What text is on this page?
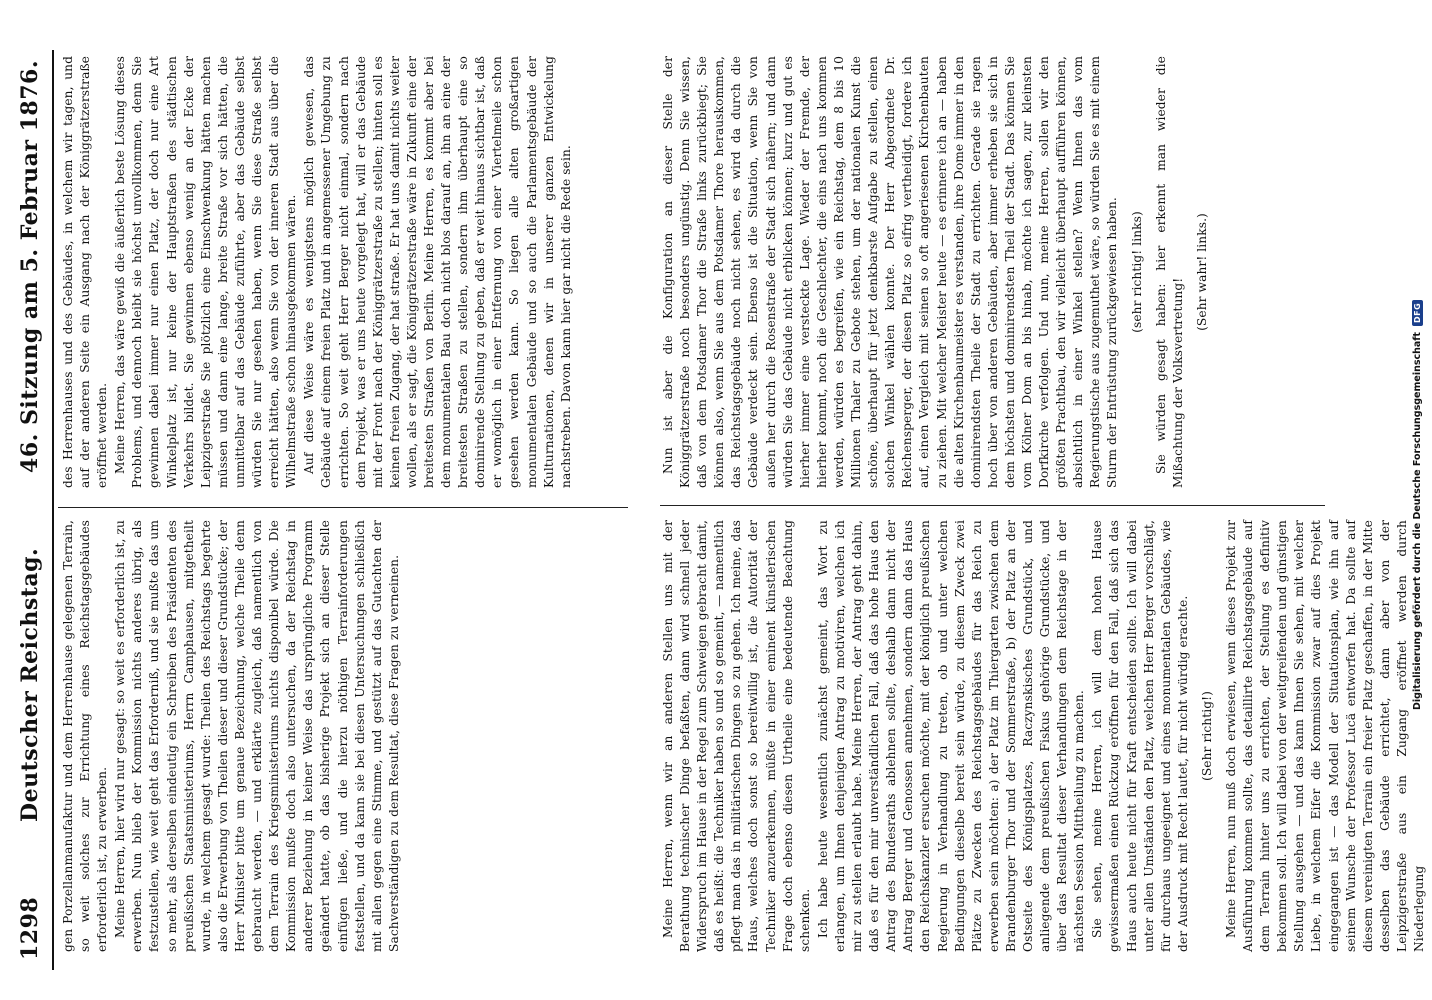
1298
Deutscher Reichstag.
46. Sitzung am 5. Februar 1876.

gen Porzellanmanufaktur und dem Herrenhause gelegenen Terrain, so weit solches zur Errichtung eines Reichstagsgebäudes erforderlich ist, zu erwerben. Meine Herren, hier wird nur gesagt: so weit es erforderlich ist, zu erwerben. Nun blieb der Kommission nichts anderes übrig, als festzustellen, wie weit geht das Erforderniß, und sie mußte das um so mehr, als derselben eindeutig ein Schreiben des Präsidenten des preußischen Staatsministeriums, Herrn Camphausen, mitgetheilt wurde, in welchem gesagt wurde: Theilen des Reichstags begehrte also die Erwerbung von Theilen dieser und dieser Grundstücke; der Herr Minister bitte um genaue Bezeichnung, welche Theile denn gebraucht werden, — und erklärte zugleich, daß namentlich von dem Terrain des Kriegsministeriums nichts disponibel würde. Die Kommission mußte doch also untersuchen, da der Reichstag in anderer Beziehung in keiner Weise das ursprüngliche Programm geändert hatte, ob das bisherige Projekt sich an dieser Stelle einfügen ließe, und die hierzu nöthigen Terrainforderungen feststellen, und da kann sie bei diesen Untersuchungen schließlich mit allen gegen eine Stimme, und gestützt auf das Gutachten der Sachverständigen zu dem Resultat, diese Fragen zu verneinen.	Meine Herren, wenn wir an anderen Stellen uns mit der Berathung technischer Dinge befaßten, dann wird schnell jeder Widerspruch im Hause in der Regel zum Schweigen gebracht damit, daß es heißt: die Techniker haben so und so gemeint, — namentlich pflegt man das in militärischen Dingen so zu gehen. Ich meine, das Haus, welches doch sonst so bereitwillig ist, die Autorität der Techniker anzuerkennen, müßte in einer eminent künstlerischen Frage doch ebenso diesen Urtheile eine bedeutende Beachtung schenken. Ich habe heute wesentlich zunächst gemeint, das Wort zu erlangen, um Ihnen denjenigen Antrag zu motiviren, welchen ich mir zu stellen erlaubt habe. Meine Herren, der Antrag geht dahin, daß es für den mir unverständlichen Fall, daß das hohe Haus den Antrag des Bundesraths ablehnen sollte, deshalb dann nicht der Antrag Berger und Genossen annehmen, sondern dann das Haus den Reichskanzler ersuchen möchte, mit der königlich preußischen Regierung in Verhandlung zu treten, ob und unter welchen Bedingungen dieselbe bereit sein würde, zu diesem Zweck zwei Plätze zu Zwecken des Reichstagsgebäudes für das Reich zu erwerben sein möchten: a) der Platz im Thiergarten zwischen dem Brandenburger Thor und der Sommerstraße, b) der Platz an der Ostseite des Königsplatzes, Raczynskisches Grundstück, und anliegende dem preußischen Fiskus gehörige Grundstücke, und über das Resultat dieser Verhandlungen dem Reichstage in der nächsten Session Mittheilung zu machen. Sie sehen, meine Herren, ich will dem hohen Hause gewissermaßen einen Rückzug eröffnen für den Fall, daß sich das Haus auch heute nicht für Kraft entscheiden sollte. Ich will dabei unter allen Umständen den Platz, welchen Herr Berger vorschlägt, für durchaus ungeeignet und eines monumentalen Gebäudes, wie der Ausdruck mit Recht lautet, für nicht würdig erachte. (Sehr richtig!) Meine Herren, nun muß doch erwiesen, wenn dieses Projekt zur Ausführung kommen sollte, das detaillirte Reichstagsgebäude auf dem Terrain hinter uns zu errichten, der Stellung es definitiv bekommen soll. Ich will dabei von der weitgreifenden und günstigen Stellung ausgehen — und das kann Ihnen Sie sehen, mit welcher Liebe, in welchem Eifer die Kommission zwar auf dies Projekt eingegangen ist — das Modell der Situationsplan, wie ihn auf seinem Wunsche der Professor Lucä entworfen hat. Da sollte auf diesem vereinigten Terrain ein freier Platz geschaffen, in der Mitte desselben das Gebäude errichtet, dann aber von der Leipzigerstraße aus ein Zugang eröffnet werden durch Niederlegung

des Herrenhauses und des Gebäudes, in welchem wir tagen, und auf der anderen Seite ein Ausgang nach der Königgrätzerstraße eröffnet werden. Meine Herren, das wäre gewiß die äußerlich beste Lösung dieses Problems, und dennoch bleibt sie höchst unvollkommen, denn Sie gewinnen dabei immer nur einen Platz, der doch nur eine Art Winkelplatz ist, nur keine der Hauptstraßen des städtischen Verkehrs bildet. Sie gewinnen ebenso wenig an der Ecke der Leipzigerstraße Sie plötzlich eine Einschwenkung hätten machen müssen und dann eine lange, breite Straße vor sich hätten, die unmittelbar auf das Gebäude zuführte, aber das Gebäude selbst würden Sie nur gesehen haben, wenn Sie diese Straße selbst erreicht hätten, also wenn Sie von der inneren Stadt aus über die Wilhelmstraße schon hinausgekommen wären. Auf diese Weise wäre es wenigstens möglich gewesen, das Gebäude auf einem freien Platz und in angemessener Umgebung zu errichten. So weit geht Herr Berger nicht einmal, sondern nach dem Projekt, was er uns heute vorgelegt hat, will er das Gebäude mit der Front nach der Königgrätzerstraße zu stellen; hinten soll es keinen freien Zugang, der hat straße. Er hat uns damit nichts weiter wollen, als er sagt, die Königgrätzerstraße wäre in Zukunft eine der breitesten Straßen von Berlin. Meine Herren, es kommt aber bei dem monumentalen Bau doch nicht blos darauf an, ihn an eine der breitesten Straßen zu stellen, sondern ihm überhaupt eine so dominirende Stellung zu geben, daß er weit hinaus sichtbar ist, daß er womöglich in einer Entfernung von einer Viertelmeile schon gesehen werden kann. So liegen alle alten großartigen monumentalen Gebäude und so auch die Parlamentsgebäude der Kulturnationen, denen wir in unserer ganzen Entwickelung nachstreben. Davon kann hier gar nicht die Rede sein.	Nun ist aber die Konfiguration an dieser Stelle der Königgrätzerstraße noch besonders ungünstig. Denn Sie wissen, daß von dem Potsdamer Thor die Straße links zurückbiegt; Sie können also, wenn Sie aus dem Potsdamer Thore herauskommen, das Reichstagsgebäude noch nicht sehen, es wird da durch die Gebäude verdeckt sein. Ebenso ist die Situation, wenn Sie von außen her durch die Rosenstraße der Stadt sich nähern; und dann würden Sie das Gebäude nicht erblicken können; kurz und gut es hierher immer eine versteckte Lage. Wieder der Fremde, der hierher kommt, noch die Geschlechter, die eins nach uns kommen werden, würden es begreifen, wie ein Reichstag, dem 8 bis 10 Millionen Thaler zu Gebote stehen, um der nationalen Kunst die schöne, überhaupt für jetzt denkbarste Aufgabe zu stellen, einen solchen Winkel wählen konnte. Der Herr Abgeordnete Dr. Reichensperger, der diesen Platz so eifrig vertheidigt, fordere ich auf, einen Vergleich mit seinen so oft angeriesenen Kirchenbauten zu ziehen. Mit welcher Meister heute — es erinnere ich an — haben die alten Kirchenbaumeister es verstanden, ihre Dome immer in den dominirendsten Theile der Stadt zu errichten. Gerade sie ragen hoch über von anderen Gebäuden, aber immer erheben sie sich in dem höchsten und dominirendsten Theil der Stadt. Das können Sie vom Kölner Dom an bis hinab, möchte ich sagen, zur kleinsten Dorfkirche verfolgen. Und nun, meine Herren, sollen wir den größten Prachtbau, den wir vielleicht überhaupt aufführen können, absichtlich in einer Winkel stellen? Wenn Ihnen das vom Regierungstische aus zugemuthet wäre, so würden Sie es mit einem Sturm der Entrüstung zurückgewiesen haben. (sehr richtig! links) Sie würden gesagt haben: hier erkennt man wieder die Mißachtung der Volksvertretung!

(Sehr wahr! links.)

Digitalisierung gefördert durch die Deutsche Forschungsgemeinschaft
DFG
